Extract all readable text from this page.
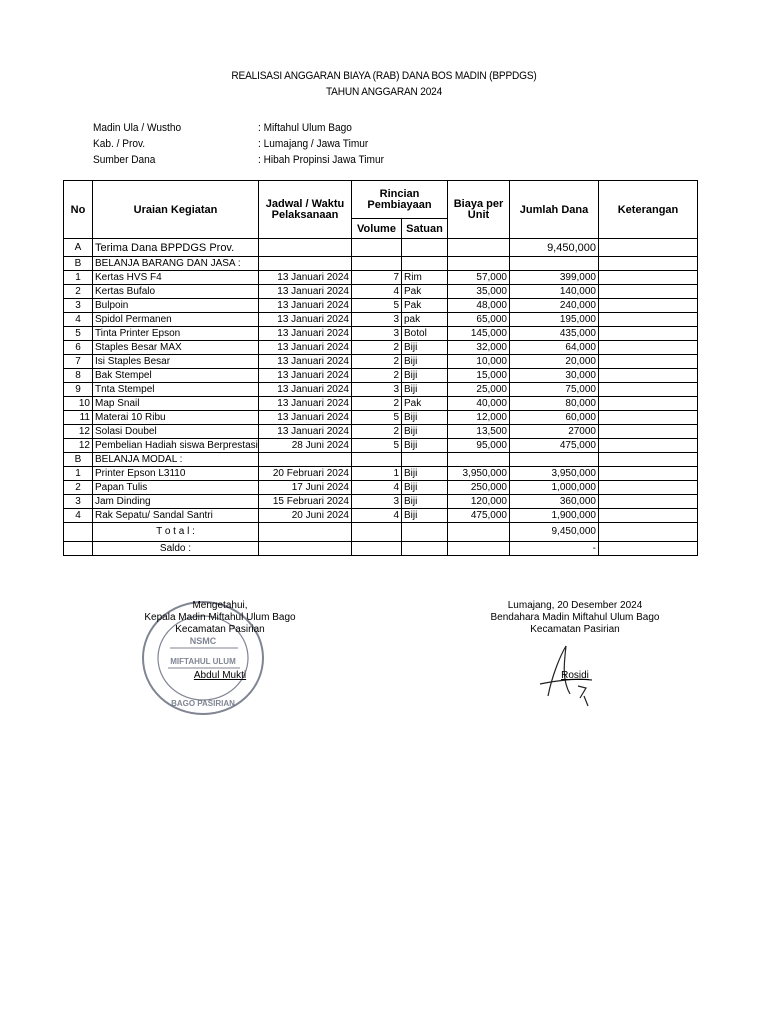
REALISASI ANGGARAN BIAYA (RAB) DANA BOS MADIN (BPPDGS)
TAHUN ANGGARAN 2024
Madin Ula / Wustho	: Miftahul Ulum Bago
Kab. / Prov.	: Lumajang / Jawa Timur
Sumber Dana	: Hibah Propinsi Jawa Timur
No	Uraian Kegiatan	Jadwal / Waktu Pelaksanaan	Rincian Pembiayaan		Biaya per Unit	Jumlah Dana	Keterangan
			Volume	Satuan			
A	Terima Dana BPPDGS Prov.					9,450,000	
B	BELANJA BARANG DAN JASA :						
1	Kertas HVS F4	13 Januari 2024	7	Rim	57,000	399,000	
2	Kertas Bufalo	13 Januari 2024	4	Pak	35,000	140,000	
3	Bulpoin	13 Januari 2024	5	Pak	48,000	240,000	
4	Spidol Permanen	13 Januari 2024	3	pak	65,000	195,000	
5	Tinta Printer Epson	13 Januari 2024	3	Botol	145,000	435,000	
6	Staples Besar MAX	13 Januari 2024	2	Biji	32,000	64,000	
7	Isi Staples Besar	13 Januari 2024	2	Biji	10,000	20,000	
8	Bak Stempel	13 Januari 2024	2	Biji	15,000	30,000	
9	Tnta Stempel	13 Januari 2024	3	Biji	25,000	75,000	
10	Map Snail	13 Januari 2024	2	Pak	40,000	80,000	
11	Materai 10 Ribu	13 Januari 2024	5	Biji	12,000	60,000	
12	Solasi Doubel	13 Januari 2024	2	Biji	13,500	27000	
12	Pembelian Hadiah siswa Berprestasi	28 Juni 2024	5	Biji	95,000	475,000	
B	BELANJA MODAL :						
1	Printer Epson L3110	20 Februari 2024	1	Biji	3,950,000	3,950,000	
2	Papan Tulis	17 Juni 2024	4	Biji	250,000	1,000,000	
3	Jam Dinding	15 Februari 2024	3	Biji	120,000	360,000	
4	Rak Sepatu/ Sandal Santri	20 Juni 2024	4	Biji	475,000	1,900,000	
	T o t a l :					9,450,000	
	Saldo :					-	
NSMC
MIFTAHUL ULUM
BAGO PASIRIAN
Mengetahui,
Kepala Madin Miftahul Ulum Bago
Kecamatan Pasirian
Abdul Mukti
Lumajang, 20 Desember 2024
Bendahara Madin Miftahul Ulum Bago
Kecamatan Pasirian
Rosidi
